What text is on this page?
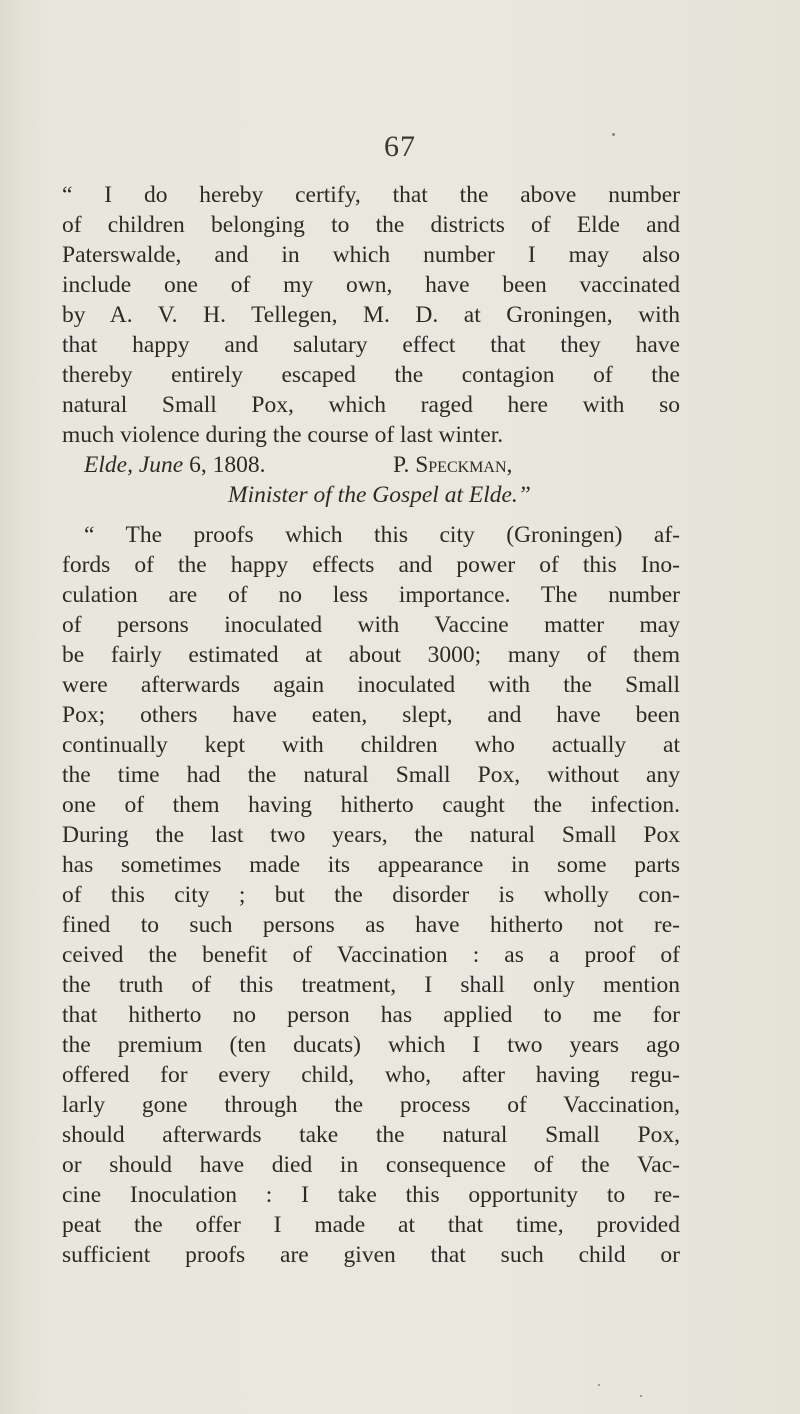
67
“ I do hereby certify, that the above number
of children belonging to the districts of Elde and
Paterswalde, and in which number I may also
include one of my own, have been vaccinated
by A. V. H. Tellegen, M. D. at Groningen, with
that happy and salutary effect that they have
thereby entirely escaped the contagion of the
natural Small Pox, which raged here with so
much violence during the course of last winter.
Elde, June 6, 1808.	P. Speckman,
Minister of the Gospel at Elde.”
“ The proofs which this city (Groningen) af-
fords of the happy effects and power of this Ino-
culation are of no less importance. The number
of persons inoculated with Vaccine matter may
be fairly estimated at about 3000; many of them
were afterwards again inoculated with the Small
Pox; others have eaten, slept, and have been
continually kept with children who actually at
the time had the natural Small Pox, without any
one of them having hitherto caught the infection.
During the last two years, the natural Small Pox
has sometimes made its appearance in some parts
of this city ; but the disorder is wholly con-
fined to such persons as have hitherto not re-
ceived the benefit of Vaccination : as a proof of
the truth of this treatment, I shall only mention
that hitherto no person has applied to me for
the premium (ten ducats) which I two years ago
offered for every child, who, after having regu-
larly gone through the process of Vaccination,
should afterwards take the natural Small Pox,
or should have died in consequence of the Vac-
cine Inoculation : I take this opportunity to re-
peat the offer I made at that time, provided
sufficient proofs are given that such child or
